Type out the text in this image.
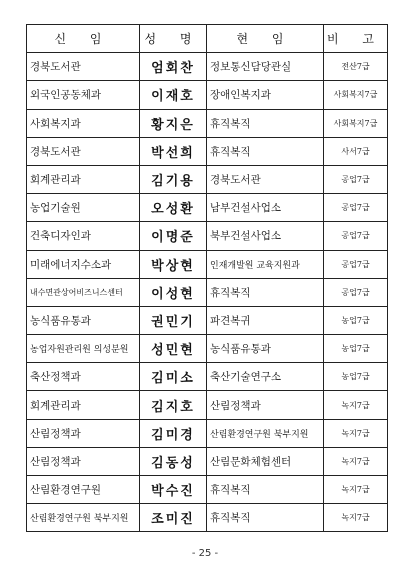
신 임	성 명	현 임	비 고
경북도서관	엄회찬	정보통신담당관실	전산7급
외국인공동체과	이재호	장애인복지과	사회복지7급
사회복지과	황지은	휴직복직	사회복지7급
경북도서관	박선희	휴직복직	사서7급
회계관리과	김기용	경북도서관	공업7급
농업기술원	오성환	남부건설사업소	공업7급
건축디자인과	이명준	북부건설사업소	공업7급
미래에너지수소과	박상현	인재개발원 교육지원과	공업7급
내수면관상어비즈니스센터	이성현	휴직복직	공업7급
농식품유통과	권민기	파견복귀	농업7급
농업자원관리원 의성분원	성민현	농식품유통과	농업7급
축산정책과	김미소	축산기술연구소	농업7급
회계관리과	김지호	산림정책과	녹지7급
산림정책과	김미경	산림환경연구원 북부지원	녹지7급
산림정책과	김동성	산림문화체험센터	녹지7급
산림환경연구원	박수진	휴직복직	녹지7급
산림환경연구원 북부지원	조미진	휴직복직	녹지7급
- 25 -
